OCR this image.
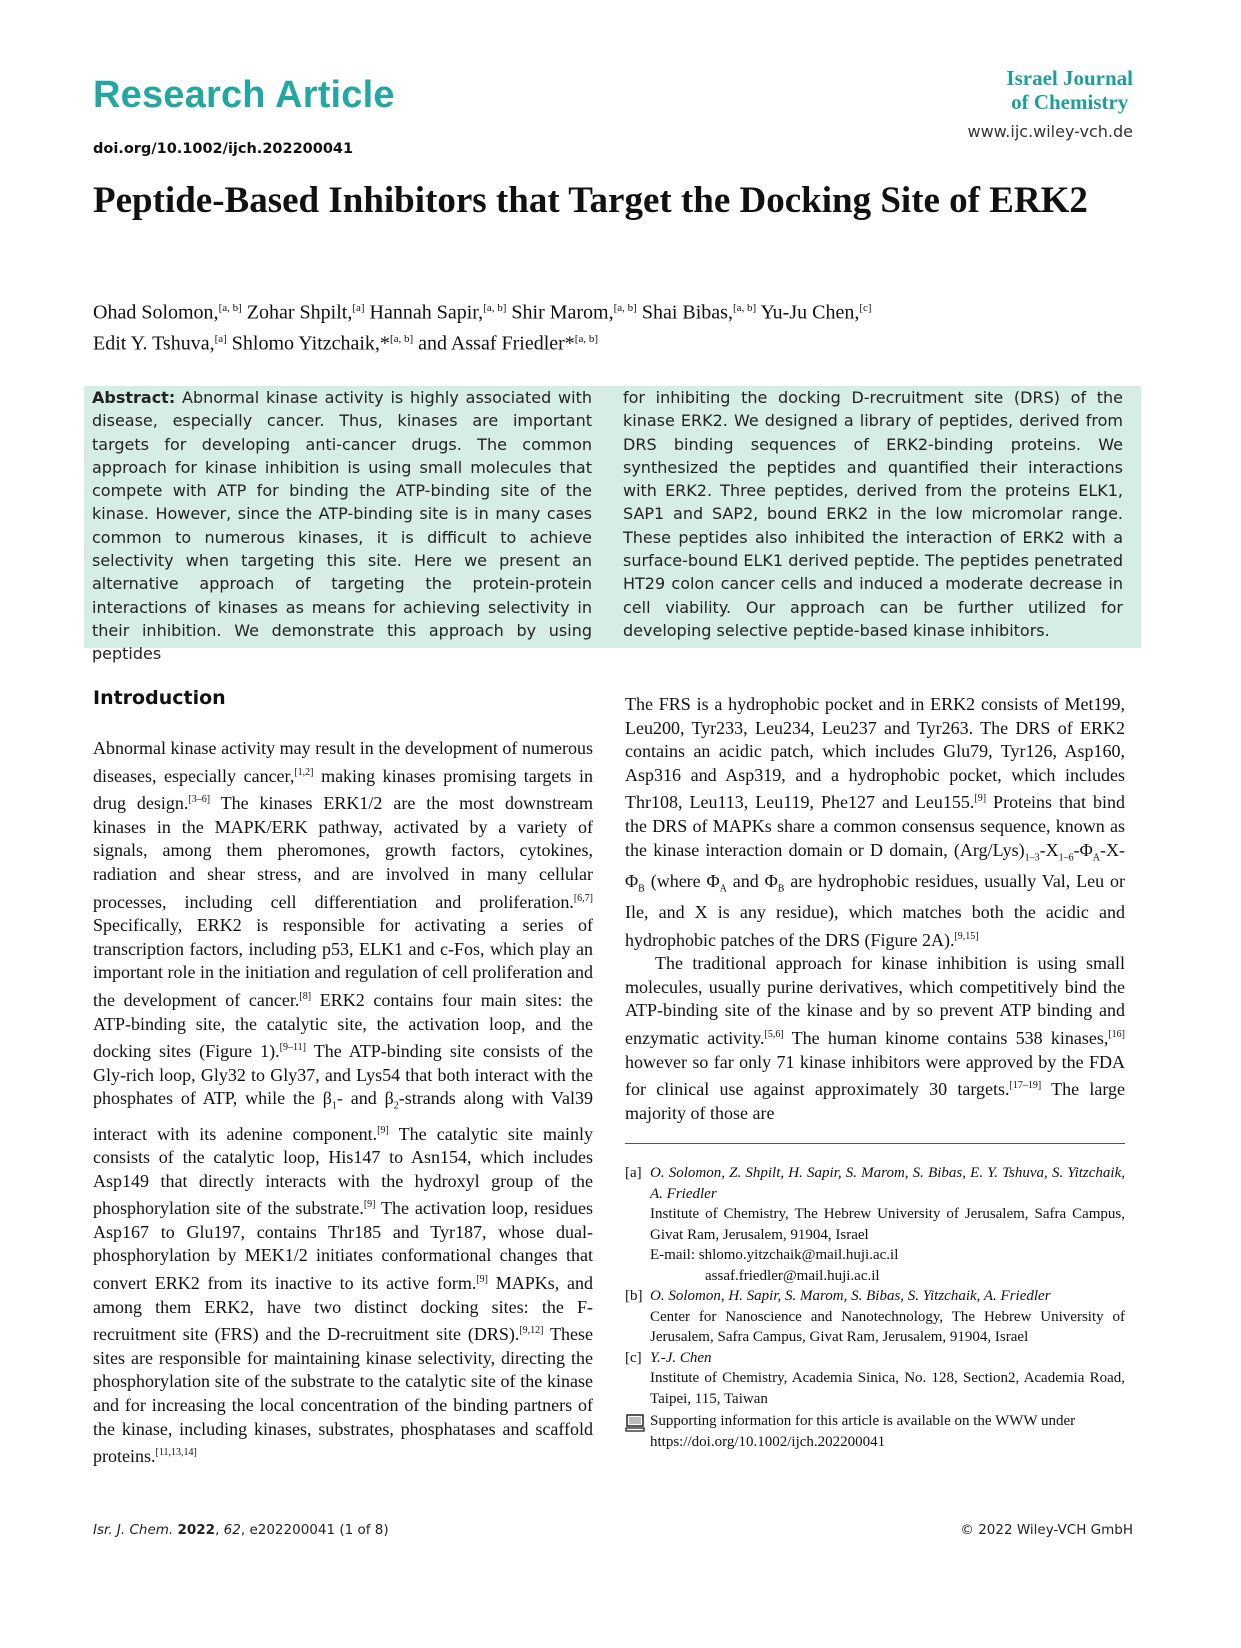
Research Article
doi.org/10.1002/ijch.202200041
Israel Journal
of Chemistry
www.ijc.wiley-vch.de
Peptide-Based Inhibitors that Target the Docking Site of ERK2
Ohad Solomon,[a, b] Zohar Shpilt,[a] Hannah Sapir,[a, b] Shir Marom,[a, b] Shai Bibas,[a, b] Yu-Ju Chen,[c]
Edit Y. Tshuva,[a] Shlomo Yitzchaik,*[a, b] and Assaf Friedler*[a, b]
Abstract: Abnormal kinase activity is highly associated with disease, especially cancer. Thus, kinases are important targets for developing anti-cancer drugs. The common approach for kinase inhibition is using small molecules that compete with ATP for binding the ATP-binding site of the kinase. However, since the ATP-binding site is in many cases common to numerous kinases, it is difficult to achieve selectivity when targeting this site. Here we present an alternative approach of targeting the protein-protein interactions of kinases as means for achieving selectivity in their inhibition. We demonstrate this approach by using peptides
for inhibiting the docking D-recruitment site (DRS) of the kinase ERK2. We designed a library of peptides, derived from DRS binding sequences of ERK2-binding proteins. We synthesized the peptides and quantified their interactions with ERK2. Three peptides, derived from the proteins ELK1, SAP1 and SAP2, bound ERK2 in the low micromolar range. These peptides also inhibited the interaction of ERK2 with a surface-bound ELK1 derived peptide. The peptides penetrated HT29 colon cancer cells and induced a moderate decrease in cell viability. Our approach can be further utilized for developing selective peptide-based kinase inhibitors.
Introduction

Abnormal kinase activity may result in the development of numerous diseases, especially cancer,[1,2] making kinases promising targets in drug design.[3–6] The kinases ERK1/2 are the most downstream kinases in the MAPK/ERK pathway, activated by a variety of signals, among them pheromones, growth factors, cytokines, radiation and shear stress, and are involved in many cellular processes, including cell differentiation and proliferation.[6,7] Specifically, ERK2 is responsible for activating a series of transcription factors, including p53, ELK1 and c-Fos, which play an important role in the initiation and regulation of cell proliferation and the development of cancer.[8] ERK2 contains four main sites: the ATP-binding site, the catalytic site, the activation loop, and the docking sites (Figure 1).[9–11] The ATP-binding site consists of the Gly-rich loop, Gly32 to Gly37, and Lys54 that both interact with the phosphates of ATP, while the $\beta_1-$ and $\beta_2$-strands along with Val39 interact with its adenine component.[9] The catalytic site mainly consists of the catalytic loop, His147 to Asn154, which includes Asp149 that directly interacts with the hydroxyl group of the phosphorylation site of the substrate.[9] The activation loop, residues Asp167 to Glu197, contains Thr185 and Tyr187, whose dual-phosphorylation by MEK1/2 initiates conformational changes that convert ERK2 from its inactive to its active form.[9] MAPKs, and among them ERK2, have two distinct docking sites: the F-recruitment site (FRS) and the D-recruitment site (DRS).[9,12] These sites are responsible for maintaining kinase selectivity, directing the phosphorylation site of the substrate to the catalytic site of the kinase and for increasing the local concentration of the binding partners of the kinase, including kinases, substrates, phosphatases and scaffold proteins.[11,13,14]

The FRS is a hydrophobic pocket and in ERK2 consists of Met199, Leu200, Tyr233, Leu234, Leu237 and Tyr263. The DRS of ERK2 contains an acidic patch, which includes Glu79, Tyr126, Asp160, Asp316 and Asp319, and a hydrophobic pocket, which includes Thr108, Leu113, Leu119, Phe127 and Leu155.[9] Proteins that bind the DRS of MAPKs share a common consensus sequence, known as the kinase interaction domain or D domain, $(Arg/Lys)_{1-3}-X_{1-6}-\Phi_A-X-\Phi_B$ (where $\Phi_A$ and $\Phi_B$ are hydrophobic residues, usually Val, Leu or Ile, and X is any residue), which matches both the acidic and hydrophobic patches of the DRS (Figure 2A).[9,15]

The traditional approach for kinase inhibition is using small molecules, usually purine derivatives, which competitively bind the ATP-binding site of the kinase and by so prevent ATP binding and enzymatic activity.[5,6] The human kinome contains 538 kinases,[16] however so far only 71 kinase inhibitors were approved by the FDA for clinical use against approximately 30 targets.[17–19] The large majority of those are

[a] O. Solomon, Z. Shpilt, H. Sapir, S. Marom, S. Bibas, E. Y. Tshuva, S. Yitzchaik, A. Friedler
Institute of Chemistry, The Hebrew University of Jerusalem, Safra Campus, Givat Ram, Jerusalem, 91904, Israel
E-mail: shlomo.yitzchaik@mail.huji.ac.il
assaf.friedler@mail.huji.ac.il
[b] O. Solomon, H. Sapir, S. Marom, S. Bibas, S. Yitzchaik, A. Friedler
Center for Nanoscience and Nanotechnology, The Hebrew University of Jerusalem, Safra Campus, Givat Ram, Jerusalem, 91904, Israel
[c] Y.-J. Chen
Institute of Chemistry, Academia Sinica, No. 128, Section2, Academia Road, Taipei, 115, Taiwan
Supporting information for this article is available on the WWW under https://doi.org/10.1002/ijch.202200041
Isr. J. Chem. 2022, 62, e202200041 (1 of 8)	© 2022 Wiley-VCH GmbH
